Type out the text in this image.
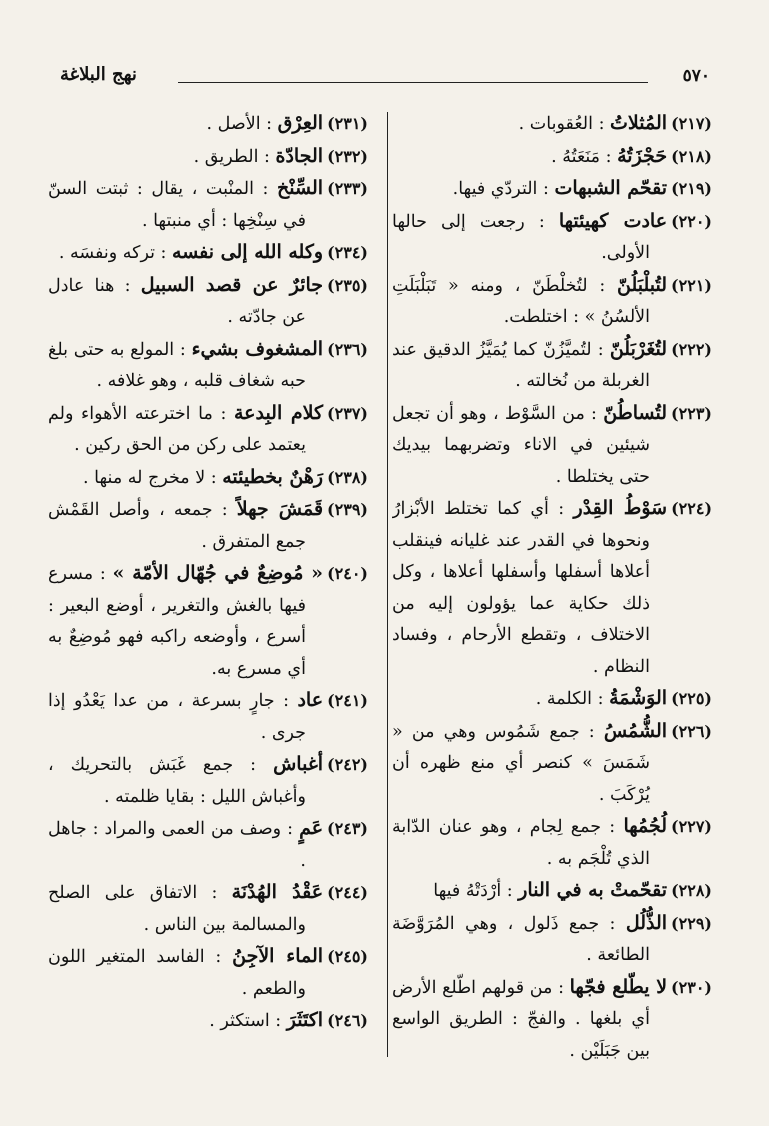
٥٧٠
نهج البلاغة

(٢١٧)المُثلاتُ : العُقوبات .

(٢١٨)حَجْزَتُهُ : مَنَعَتُهُ .

(٢١٩)تقحّم الشبهات : التردّي فيها.

(٢٢٠)عادت كهيئتها : رجعت إلى حالها الأولى.

(٢٢١)لتُبلْبَلُنّ : لتُخلْطَنّ ، ومنه « تَبَلْبَلَتِ الألسُنُ » : اختلطت.

(٢٢٢)لتُغَرْبَلُنّ : لتُميَّزُنّ كما يُمَيَّزُ الدقيق عند الغربلة من نُخالته .

(٢٢٣)لتُساطُنّ : من السَّوْط ، وهو أن تجعل شيئين في الاناء وتضربهما بيديك حتى يختلطا .

(٢٢٤)سَوْطُ القِدْر : أي كما تختلط الأبْزارُ ونحوها في القدر عند غليانه فينقلب أعلاها أسفلها وأسفلها أعلاها ، وكل ذلك حكاية عما يؤولون إليه من الاختلاف ، وتقطع الأرحام ، وفساد النظام .

(٢٢٥)الوَشْمَةُ : الكلمة .

(٢٢٦)الشُّمُسُ : جمع شَمُوس وهي من « شَمَسَ » كنصر أي منع ظهره أن يُرْكَبَ .

(٢٢٧)لُجُمُها : جمع لِجام ، وهو عنان الدّابة الذي تُلْجَم به .

(٢٢٨)تقحّمتْ به في النار : أرْدَتْهُ فيها

(٢٢٩)الذُّلُل : جمع ذَلول ، وهي المُرَوَّضَة الطائعة .

(٢٣٠)لا يطّلع فجّها : من قولهم اطّلع الأرض أي بلغها . والفجّ : الطريق الواسع بين جَبَلَيْن .

(٢٣١)العِرْق : الأصل .

(٢٣٢)الجادّة : الطريق .

(٢٣٣)السِّنْخ : المنْبت ، يقال : ثبتت السنّ في سِنْخِها : أي منبتها .

(٢٣٤)وكله الله إلى نفسه : تركه ونفسَه .

(٢٣٥)جائرٌ عن قصد السبيل : هنا عادل عن جادّته .

(٢٣٦)المشغوف بشيء : المولع به حتى بلغ حبه شغاف قلبه ، وهو غلافه .

(٢٣٧)كلام البِدعة : ما اخترعته الأهواء ولم يعتمد على ركن من الحق ركين .

(٢٣٨)رَهْنٌ بخطيئته : لا مخرج له منها .

(٢٣٩)قَمَشَ جهلاً : جمعه ، وأصل القَمْش جمع المتفرق .

(٢٤٠)« مُوضِعٌ في جُهّال الأمّة » : مسرع فيها بالغش والتغرير ، أوضع البعير : أسرع ، وأوضعه راكبه فهو مُوضِعٌ به أي مسرع به.

(٢٤١)عاد : جارٍ بسرعة ، من عدا يَعْدُو إذا جرى .

(٢٤٢)أغباش : جمع غَبَش بالتحريك ، وأغباش الليل : بقايا ظلمته .

(٢٤٣)عَمٍ : وصف من العمى والمراد : جاهل .

(٢٤٤)عَقْدُ الهُدْنَة : الاتفاق على الصلح والمسالمة بين الناس .

(٢٤٥)الماء الآجِنُ : الفاسد المتغير اللون والطعم .

(٢٤٦)اكتَثَرَ : استكثر .
